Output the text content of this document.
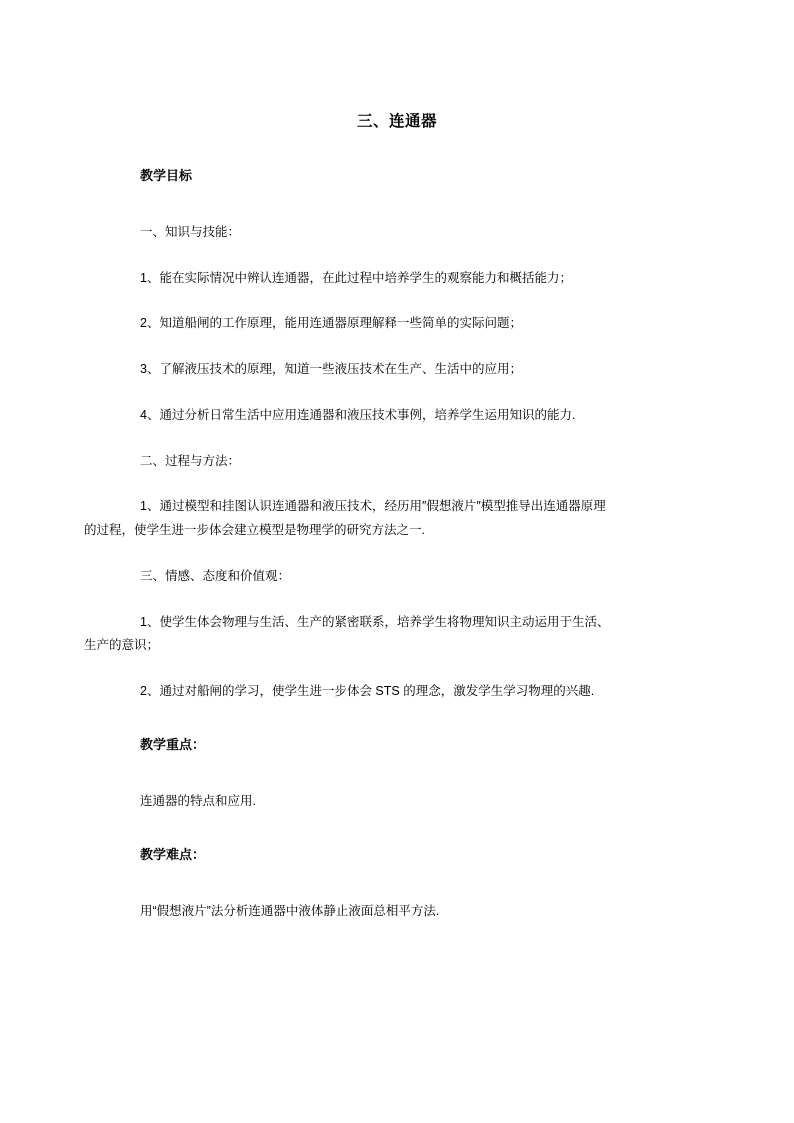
三、连通器
教学目标

一、知识与技能：

1、能在实际情况中辨认连通器，在此过程中培养学生的观察能力和概括能力；

2、知道船闸的工作原理，能用连通器原理解释一些简单的实际问题；

3、了解液压技术的原理，知道一些液压技术在生产、生活中的应用；

4、通过分析日常生活中应用连通器和液压技术事例，培养学生运用知识的能力.

二、过程与方法：

1、通过模型和挂图认识连通器和液压技术，经历用″假想液片″模型推导出连通器原理
的过程，使学生进一步体会建立模型是物理学的研究方法之一.

三、情感、态度和价值观：

1、使学生体会物理与生活、生产的紧密联系，培养学生将物理知识主动运用于生活、
生产的意识；

2、通过对船闸的学习，使学生进一步体会 STS 的理念，激发学生学习物理的兴趣.

教学重点：

连通器的特点和应用.

教学难点：

用“假想液片”法分析连通器中液体静止液面总相平方法.
